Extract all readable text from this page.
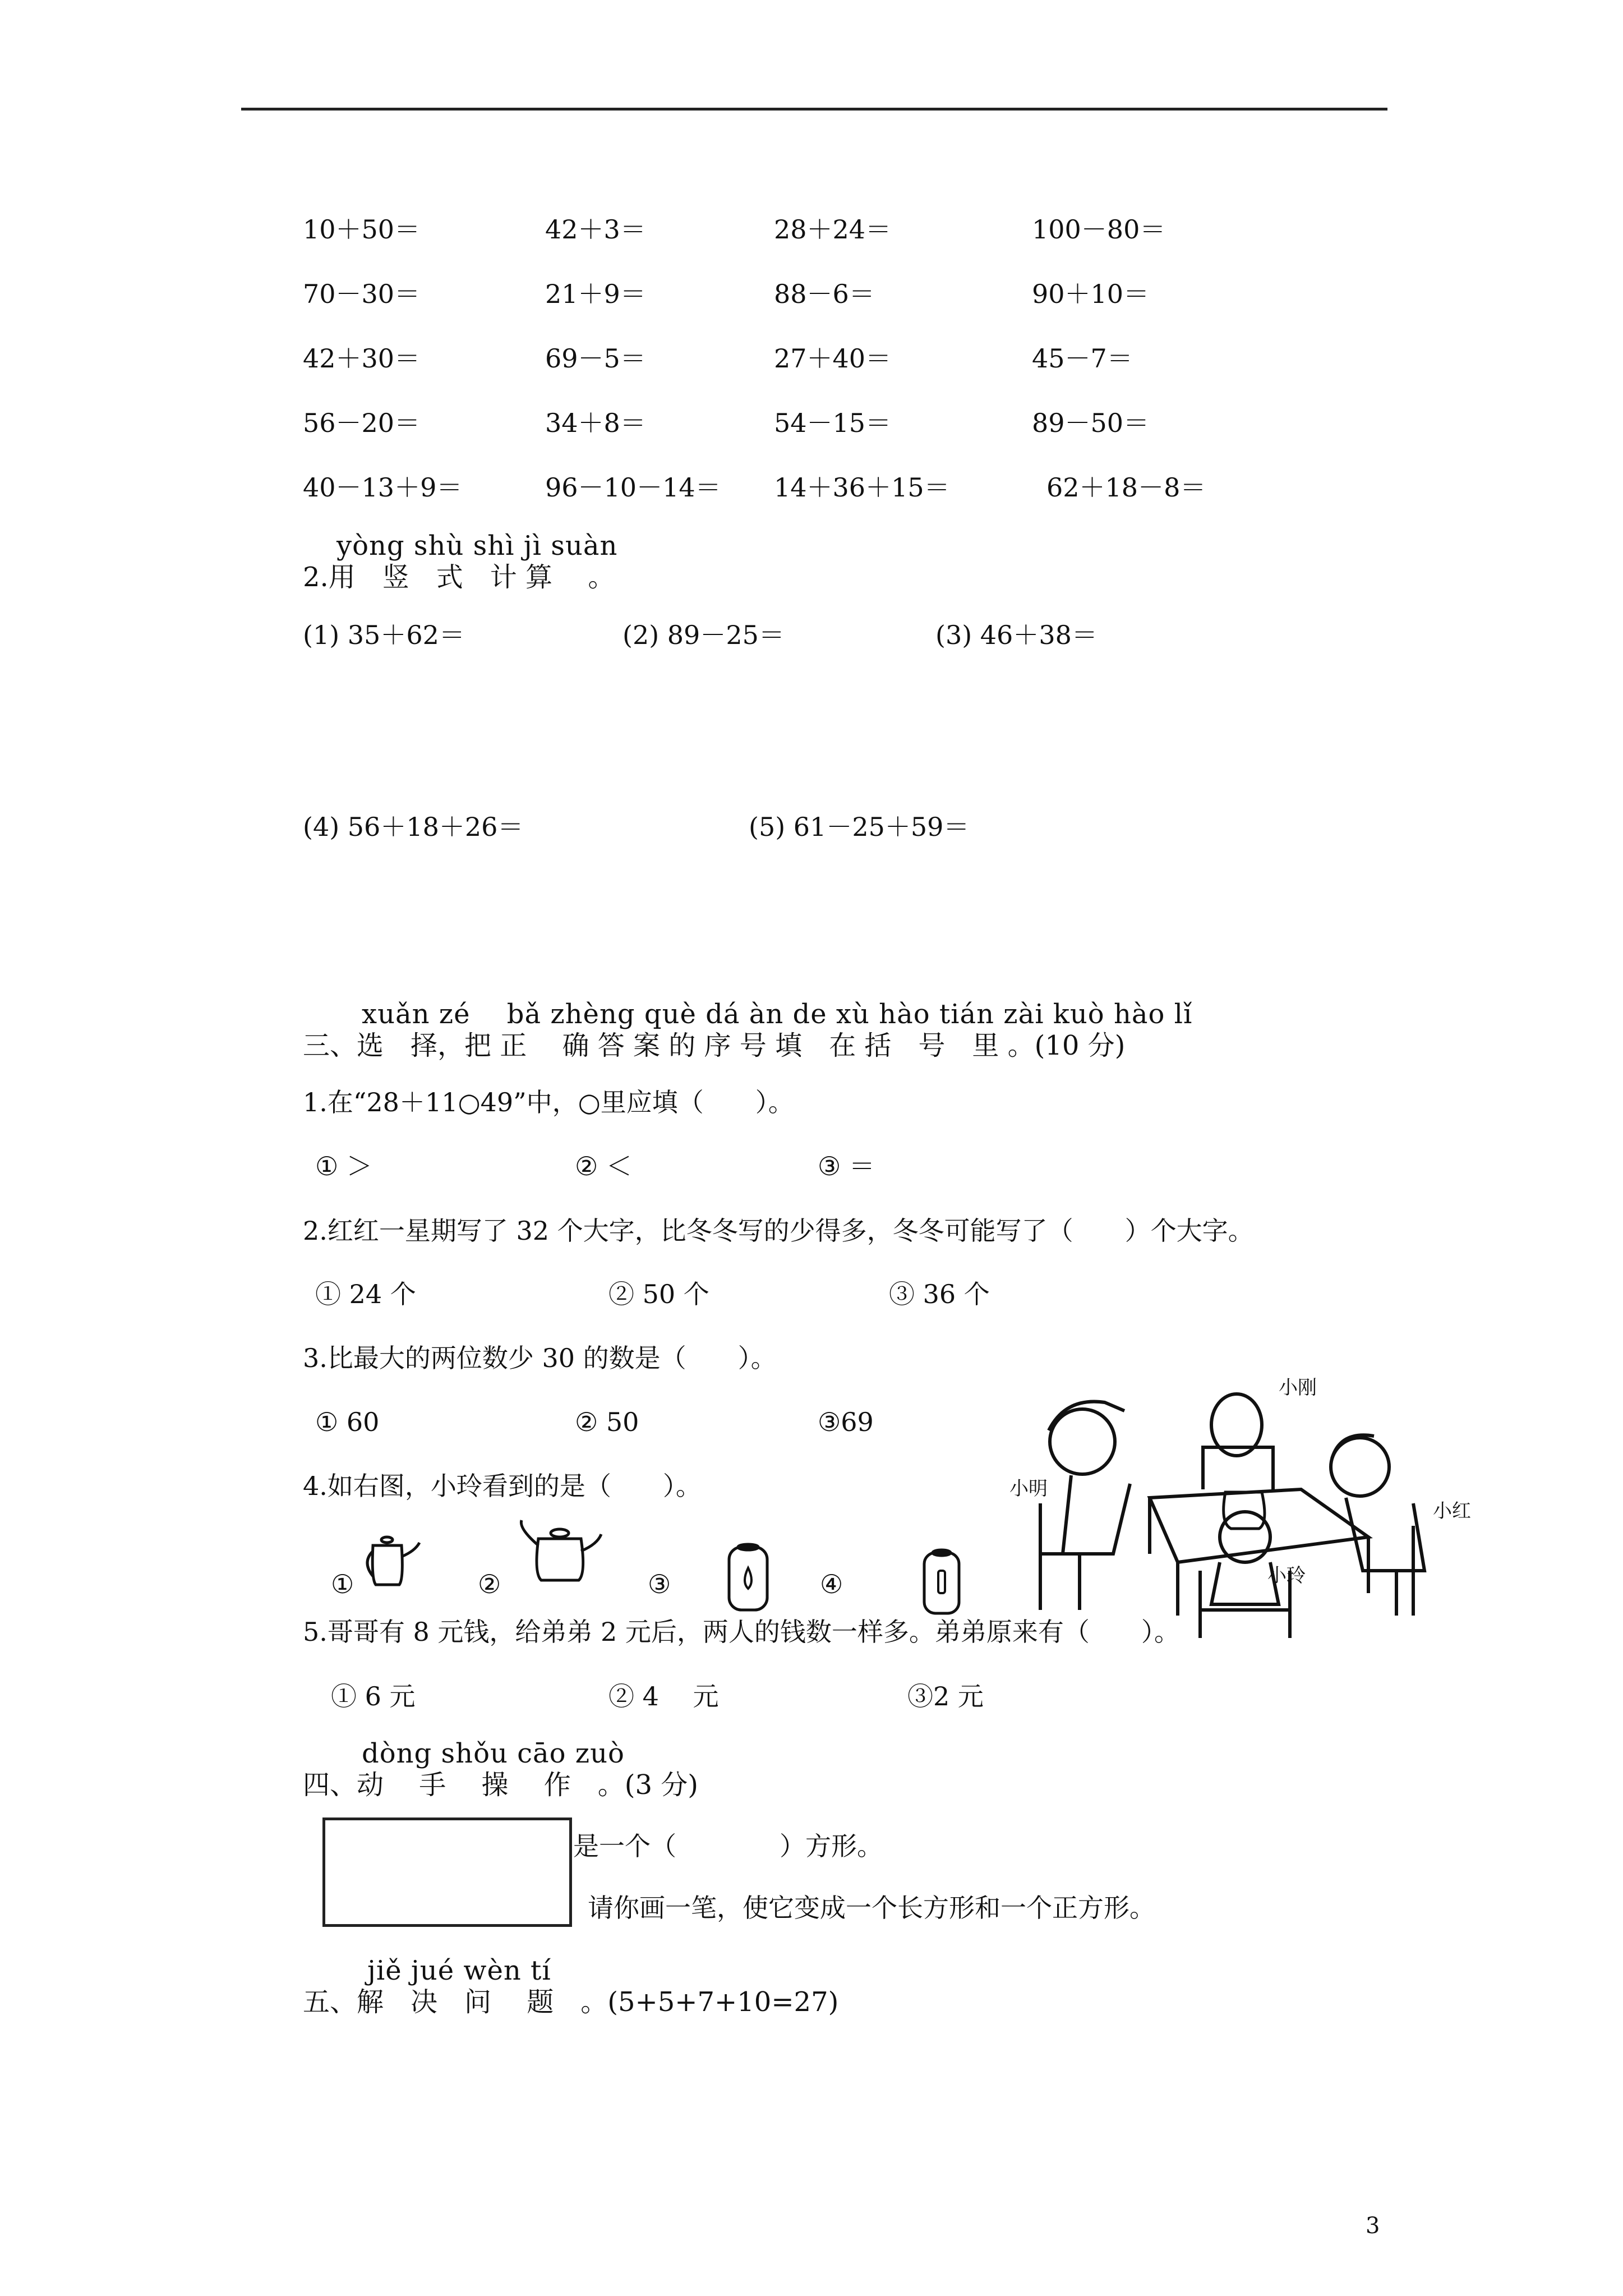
10＋50＝	42＋3＝	28＋24＝	100－80＝
70－30＝	21＋9＝	88－6＝	90＋10＝
42＋30＝	69－5＝	27＋40＝	45－7＝
56－20＝	34＋8＝	54－15＝	89－50＝
40－13＋9＝	96－10－14＝ 14＋36＋15＝	62＋18－8＝
yòng shù shì jì suàn
2.用　竖　式　计 算　 。
(1) 35＋62＝	(2) 89－25＝	(3) 46＋38＝
(4) 56＋18＋26＝	(5) 61－25＋59＝
xuǎn zé　 bǎ zhèng què dá àn de xù hào tián zài kuò hào lǐ
三、选　择，把 正　 确 答 案 的 序 号 填　在 括　号　里 。(10 分)
1.在“28＋11○49”中，○里应填（　　）。
① ＞	② ＜	③ ＝
2.红红一星期写了 32 个大字，比冬冬写的少得多，冬冬可能写了（　　）个大字。
① 24 个	② 50 个	③ 36 个
3.比最大的两位数少 30 的数是（　　）。
① 60	② 50	③69
4.如右图，小玲看到的是（　　）。
①	②	③	④
5.哥哥有 8 元钱，给弟弟 2 元后，两人的钱数一样多。弟弟原来有（　　）。
① 6 元	② 4　 元	③2 元
小刚
小明
小红
小玲
dòng shǒu cāo zuò
四、动　 手　 操　 作　。(3 分)
是一个（　　　　）方形。
请你画一笔，使它变成一个长方形和一个正方形。
jiě jué wèn tí
五、解　决　问　 题　。(5+5+7+10=27)
3
